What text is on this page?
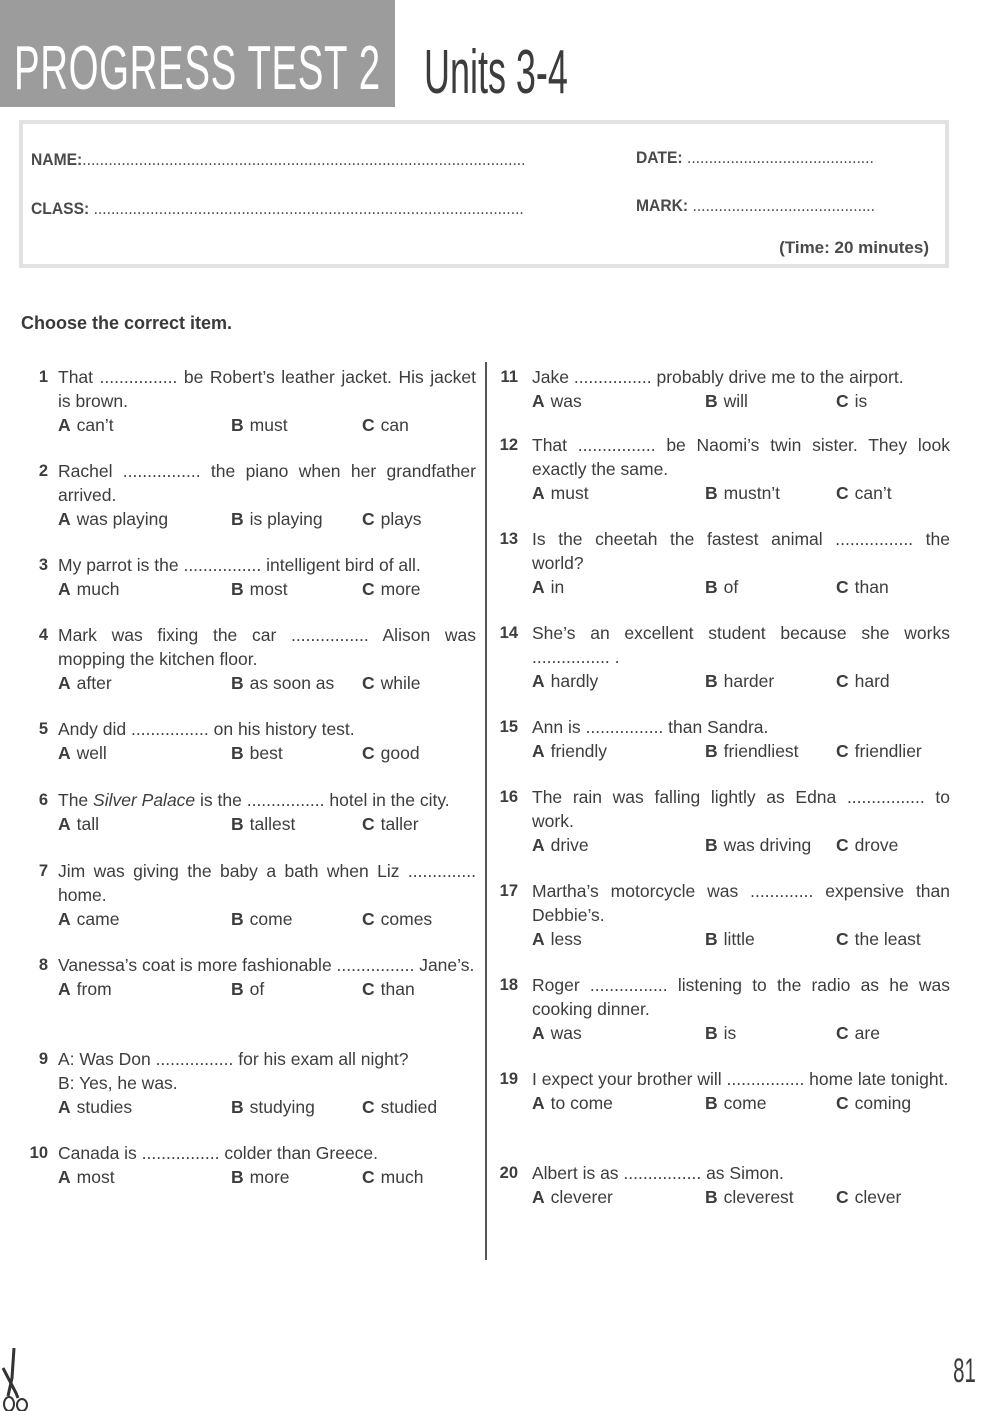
PROGRESS TEST 2 Units 3-4
NAME:......................................................................................................	DATE: ...........................................
CLASS: ...................................................................................................	MARK: ..........................................
(Time: 20 minutes)

Choose the correct item.

1 That ................ be Robert’s leather jacket. His jacket is brown.
A can’t	B must	C can
2 Rachel ................ the piano when her grandfather arrived.
A was playing	B is playing C plays
3 My parrot is the ................ intelligent bird of all.
A much	B most	C more
4 Mark was fixing the car ................ Alison was mopping the kitchen floor.
A after	B as soon as C while
5 Andy did ................ on his history test.
A well	B best	C good
6 The Silver Palace is the ................ hotel in the city.
A tall	B tallest	C taller
7 Jim was giving the baby a bath when Liz .............. home.
A came	B come	C comes
8 Vanessa’s coat is more fashionable ................ Jane’s.
A from	B of	C than
9 A: Was Don ................ for his exam all night?
B: Yes, he was.
A studies	B studying	C studied
10 Canada is ................ colder than Greece.
A most	B more	C much
11 Jake ................ probably drive me to the airport.
A was	B will	C is
12 That ................ be Naomi’s twin sister. They look exactly the same.
A must	B mustn’t	C can’t
13 Is the cheetah the fastest animal ................ the world?
A in	B of	C than
14 She’s an excellent student because she works ................ .
A hardly	B harder	C hard
15 Ann is ................ than Sandra.
A friendly	B friendliest C friendlier
16 The rain was falling lightly as Edna ................ to work.
A drive	B was driving C drove
17 Martha’s motorcycle was ............. expensive than Debbie’s.
A less	B little	C the least
18 Roger ................ listening to the radio as he was cooking dinner.
A was	B is	C are
19 I expect your brother will ................ home late tonight.
A to come	B come	C coming
20 Albert is as ................ as Simon.
A cleverer	B cleverest C clever
81
